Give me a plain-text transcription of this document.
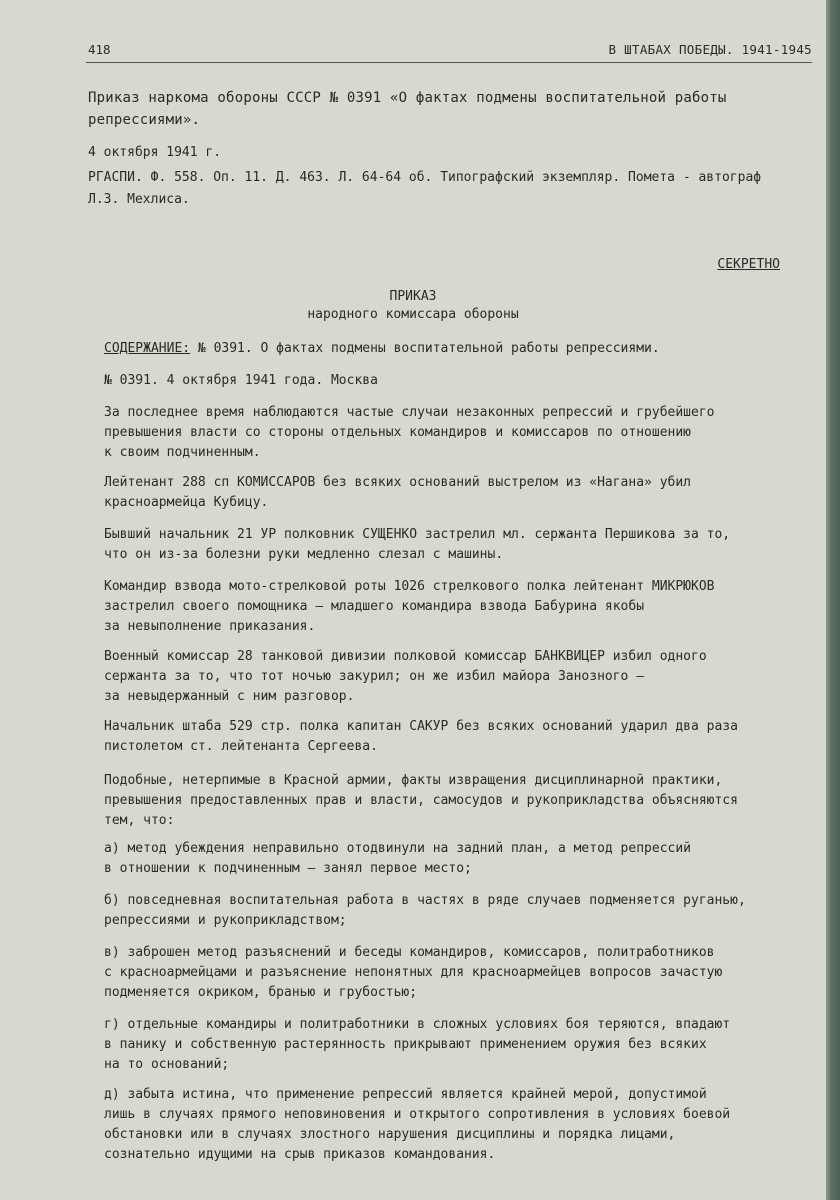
418	В ШТАБАХ ПОБЕДЫ. 1941-1945
Приказ наркома обороны СССР № 0391 «О фактах подмены воспитательной работы
репрессиями».
4 октября 1941 г.
РГАСПИ. Ф. 558. Оп. 11. Д. 463. Л. 64-64 об. Типографский экземпляр. Помета - автограф
Л.З. Мехлиса.
СЕКРЕТНО
ПРИКАЗ
народного комиссара обороны
СОДЕРЖАНИЕ: № 0391. О фактах подмены воспитательной работы репрессиями.
№ 0391. 4 октября 1941 года. Москва
За последнее время наблюдаются частые случаи незаконных репрессий и грубейшего
превышения власти со стороны отдельных командиров и комиссаров по отношению
к своим подчиненным.
Лейтенант 288 сп КОМИССАРОВ без всяких оснований выстрелом из «Нагана» убил
красноармейца Кубицу.
Бывший начальник 21 УР полковник СУЩЕНКО застрелил мл. сержанта Першикова за то,
что он из-за болезни руки медленно слезал с машины.
Командир взвода мото-стрелковой роты 1026 стрелкового полка лейтенант МИКРЮКОВ
застрелил своего помощника — младшего командира взвода Бабурина якобы
за невыполнение приказания.
Военный комиссар 28 танковой дивизии полковой комиссар БАНКВИЦЕР избил одного
сержанта за то, что тот ночью закурил; он же избил майора Занозного —
за невыдержанный с ним разговор.
Начальник штаба 529 стр. полка капитан САКУР без всяких оснований ударил два раза
пистолетом ст. лейтенанта Сергеева.
Подобные, нетерпимые в Красной армии, факты извращения дисциплинарной практики,
превышения предоставленных прав и власти, самосудов и рукоприкладства объясняются
тем, что:
а) метод убеждения неправильно отодвинули на задний план, а метод репрессий
в отношении к подчиненным — занял первое место;
б) повседневная воспитательная работа в частях в ряде случаев подменяется руганью,
репрессиями и рукоприкладством;
в) заброшен метод разъяснений и беседы командиров, комиссаров, политработников
с красноармейцами и разъяснение непонятных для красноармейцев вопросов зачастую
подменяется окриком, бранью и грубостью;
г) отдельные командиры и политработники в сложных условиях боя теряются, впадают
в панику и собственную растерянность прикрывают применением оружия без всяких
на то оснований;
д) забыта истина, что применение репрессий является крайней мерой, допустимой
лишь в случаях прямого неповиновения и открытого сопротивления в условиях боевой
обстановки или в случаях злостного нарушения дисциплины и порядка лицами,
сознательно идущими на срыв приказов командования.
